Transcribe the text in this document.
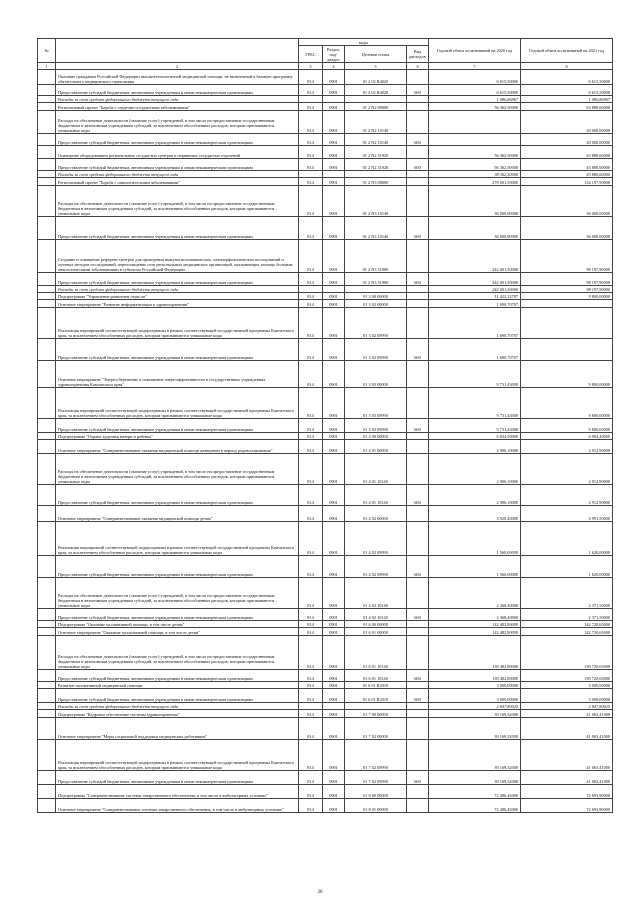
№		коды				Годовой объем ассигнований на 2020 год	Годовой объем ассигнований на 2021 год
		ГРБС	Раздел, под-раздел	Целевая статья	Вид расходов		
1	2	3	4	5	6	7	8
	Оказание гражданам Российской Федерации высокотехнологичной медицинской помощи, не включенной в базовую программу обязательного медицинского страхования	814	0901	01 2 02 R4020		6 615,50000	6 615,50000
	Предоставление субсидий бюджетным, автономным учреждениям и иным некоммерческим организациям	814	0901	01 2 02 R4020	600	6 615,50000	6 615,50000
	Расходы за счет средств федерального бюджета текущего года					1 086,86967	1 086,86967
	Региональный проект "Борьба с сердечно-сосудистыми заболеваниями"	814	0901	01 2 N2 00000		56 362,50000	63 880,60000
	Расходы на обеспечение деятельности (оказание услуг) учреждений, в том числе на предоставление государственным бюджетным и автономным учреждениям субсидий, за исключением обособленных расходов, которым присваиваются уникальные коды	814	0901	01 2 N2 10140			20 000,00000
	Предоставление субсидий бюджетным, автономным учреждениям и иным некоммерческим организациям	814	0901	01 2 N2 10140	600		20 000,00000
	Оснащение оборудованием региональных сосудистых центров и первичных сосудистых отделений	814	0901	01 2 N2 51920		56 362,50000	43 880,60000
	Предоставление субсидий бюджетным, автономным учреждениям и иным некоммерческим организациям	814	0901	01 2 N2 51920	600	56 362,50000	43 880,60000
	Расходы за счет средств федерального бюджета текущего года					38 362,50000	43 880,60000
	Региональный проект "Борьба с онкологическими заболеваниями"	814	0901	01 2 N3 00000		278 001,50000	134 197,90000
	Расходы на обеспечение деятельности (оказание услуг) учреждений, в том числе на предоставление государственным бюджетным и автономным учреждениям субсидий, за исключением обособленных расходов, которым присваиваются уникальные коды	814	0901	01 2 N3 10140		36 000,00000	36 000,00000
	Предоставление субсидий бюджетным, автономным учреждениям и иным некоммерческим организациям	814	0901	01 2 N3 10140	600	36 000,00000	36 000,00000
	Создание и оснащение референс-центров для проведения иммуногистохимических, патоморфологических исследований и лучевых методов исследований, переоснащение сети региональных медицинских организаций, оказывающих помощь больным онкологическими заболеваниями в субъектах Российской Федерации	814	0901	01 2 N3 51900		242 001,50000	98 197,90000
	Предоставление субсидий бюджетным, автономным учреждениям и иным некоммерческим организациям	814	0901	01 2 N3 51900	600	242 001,50000	98 197,90000
	Расходы за счет средств федерального бюджета текущего года					242 001,50000	98 197,90000
	Подпрограмма "Управление развитием отрасли"	814	0901	01 3 00 00000		11 422,13707	9 800,00000
	Основное мероприятие "Развитие информатизации в здравоохранении"	814	0901	01 3 02 00000		1 690,70707	
	Реализация мероприятий соответствующей подпрограммы в рамках соответствующей государственной программы Камчатского края, за исключением обособленных расходов, которым присваиваются уникальные коды	814	0901	01 3 02 09990		1 690,70707	
	Предоставление субсидий бюджетным, автономным учреждениям и иным некоммерческим организациям	814	0901	01 3 02 09990	600	1 690,70707	
	Основное мероприятие "Энергосбережение и повышение энергоэффективности в государственных учреждениях здравоохранения Камчатского края"	814	0901	01 3 03 00000		9 731,43000	9 800,00000
	Реализация мероприятий соответствующей подпрограммы в рамках соответствующей государственной программы Камчатского края, за исключением обособленных расходов, которым присваиваются уникальные коды	814	0901	01 3 03 09990		9 731,43000	9 800,00000
	Предоставление субсидий бюджетным, автономным учреждениям и иным некоммерческим организациям	814	0901	01 3 03 09990	600	9 731,43000	9 800,00000
	Подпрограмма "Охрана здоровья матери и ребенка"	814	0901	01 4 00 00000		6 834,50000	6 904,40000
	Основное мероприятие "Совершенствование оказания медицинской помощи женщинам в период родовспоможения"	814	0901	01 4 01 00000		2 906,10000	2 912,90000
	Расходы на обеспечение деятельности (оказание услуг) учреждений, в том числе на предоставление государственным бюджетным и автономным учреждениям субсидий, за исключением обособленных расходов, которым присваиваются уникальные коды	814	0901	01 4 01 10140		2 906,10000	2 912,90000
	Предоставление субсидий бюджетным, автономным учреждениям и иным некоммерческим организациям	814	0901	01 4 01 10140	600	2 906,10000	2 912,90000
	Основное мероприятие "Совершенствование оказания медицинской помощи детям"	814	0901	01 4 02 00000		3 928,40000	3 991,50000
	Реализация мероприятий соответствующей подпрограммы в рамках соответствующей государственной программы Камчатского края, за исключением обособленных расходов, которым присваиваются уникальные коды	814	0901	01 4 02 09990		1 560,00000	1 620,00000
	Предоставление субсидий бюджетным, автономным учреждениям и иным некоммерческим организациям	814	0901	01 4 02 09990	600	1 560,00000	1 620,00000
	Расходы на обеспечение деятельности (оказание услуг) учреждений, в том числе на предоставление государственным бюджетным и автономным учреждениям субсидий, за исключением обособленных расходов, которым присваиваются уникальные коды	814	0901	01 4 02 10140		2 368,40000	2 371,50000
	Предоставление субсидий бюджетным, автономным учреждениям и иным некоммерческим организациям	814	0901	01 4 02 10140	600	2 368,40000	2 371,50000
	Подпрограмма "Оказание паллиативной помощи, в том числе детям"	814	0901	01 6 00 00000		142 482,80000	142 720,65000
	Основное мероприятие "Оказание паллиативной помощи, в том числе детям"	814	0901	01 6 01 00000		142 482,80000	142 720,65000
	Расходы на обеспечение деятельности (оказание услуг) учреждений, в том числе на предоставление государственным бюджетным и автономным учреждениям субсидий, за исключением обособленных расходов, которым присваиваются уникальные коды	814	0901	01 6 01 10140		139 482,80000	139 720,65000
	Предоставление субсидий бюджетным, автономным учреждениям и иным некоммерческим организациям	814	0901	01 6 01 10140	600	139 482,80000	139 720,65000
	Развитие паллиативной медицинской помощи	814	0901	01 6 01 R2010		3 000,00000	3 000,00000
	Предоставление субсидий бюджетным, автономным учреждениям и иным некоммерческим организациям	814	0901	01 6 01 R2010	600	3 000,00000	3 000,00000
	Расходы за счет средств федерального бюджета текущего года					2 847,80025	2 847,80025
	Подпрограмма "Кадровое обеспечение системы здравоохранения"	814	0901	01 7 00 00000		39 169,32000	41 063,41000
	Основное мероприятие "Меры социальной поддержки медицинских работников"	814	0901	01 7 02 00000		39 169,32000	41 063,41000
	Реализация мероприятий соответствующей подпрограммы в рамках соответствующей государственной программы Камчатского края, за исключением обособленных расходов, которым присваиваются уникальные коды	814	0901	01 7 02 09990		39 169,32000	41 063,41000
	Предоставление субсидий бюджетным, автономным учреждениям и иным некоммерческим организациям	814	0901	01 7 02 09990	600	39 169,32000	41 063,41000
	Подпрограмма "Совершенствование системы лекарственного обеспечения, в том числе в амбулаторных условиях"	814	0901	01 8 00 00000		72 486,43000	72 693,90000
	Основное мероприятие "Совершенствование системы лекарственного обеспечения, в том числе в амбулаторных условиях"	814	0901	01 8 01 00000		72 486,43000	72 693,90000
36
